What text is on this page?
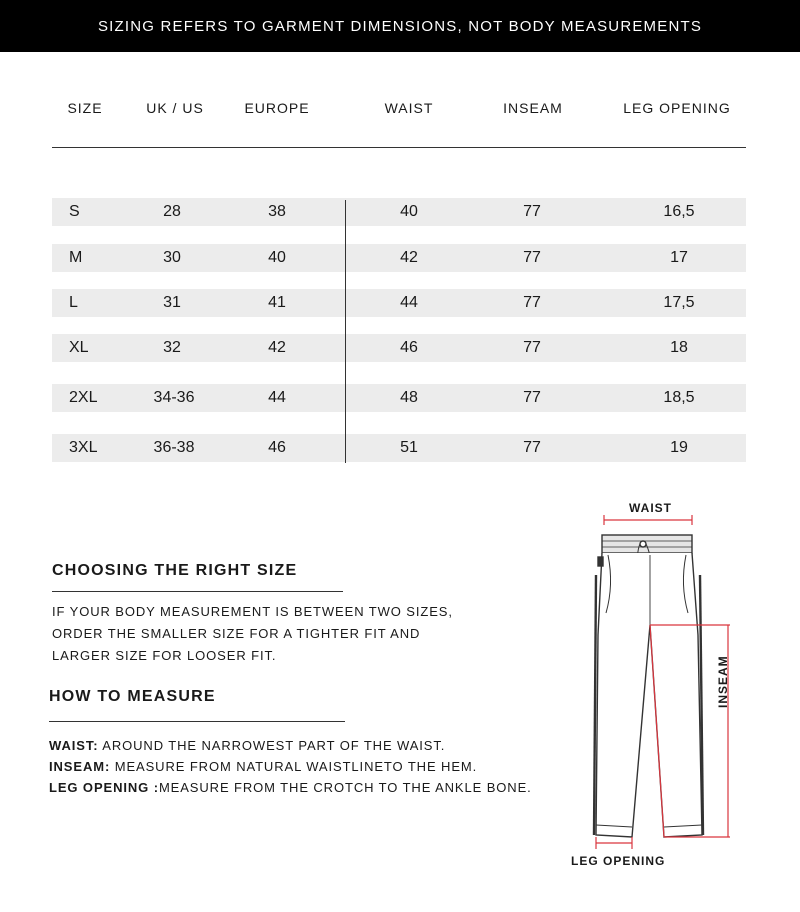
SIZING REFERS TO GARMENT DIMENSIONS, NOT BODY MEASUREMENTS
SIZE	UK / US	EUROPE	WAIST	INSEAM	LEG OPENING
S	28	38	40	77	16,5
M	30	40	42	77	17
L	31	41	44	77	17,5
XL	32	42	46	77	18
2XL	34-36	44	48	77	18,5
3XL	36-38	46	51	77	19
CHOOSING THE RIGHT SIZE
IF YOUR BODY MEASUREMENT IS BETWEEN TWO SIZES,
ORDER THE SMALLER SIZE FOR A TIGHTER FIT AND
LARGER SIZE FOR LOOSER FIT.
HOW TO MEASURE
WAIST: AROUND THE NARROWEST PART OF THE WAIST.
INSEAM: MEASURE FROM NATURAL WAISTLINETO THE HEM.
LEG OPENING :MEASURE FROM THE CROTCH TO THE ANKLE BONE.
WAIST
INSEAM
LEG OPENING
